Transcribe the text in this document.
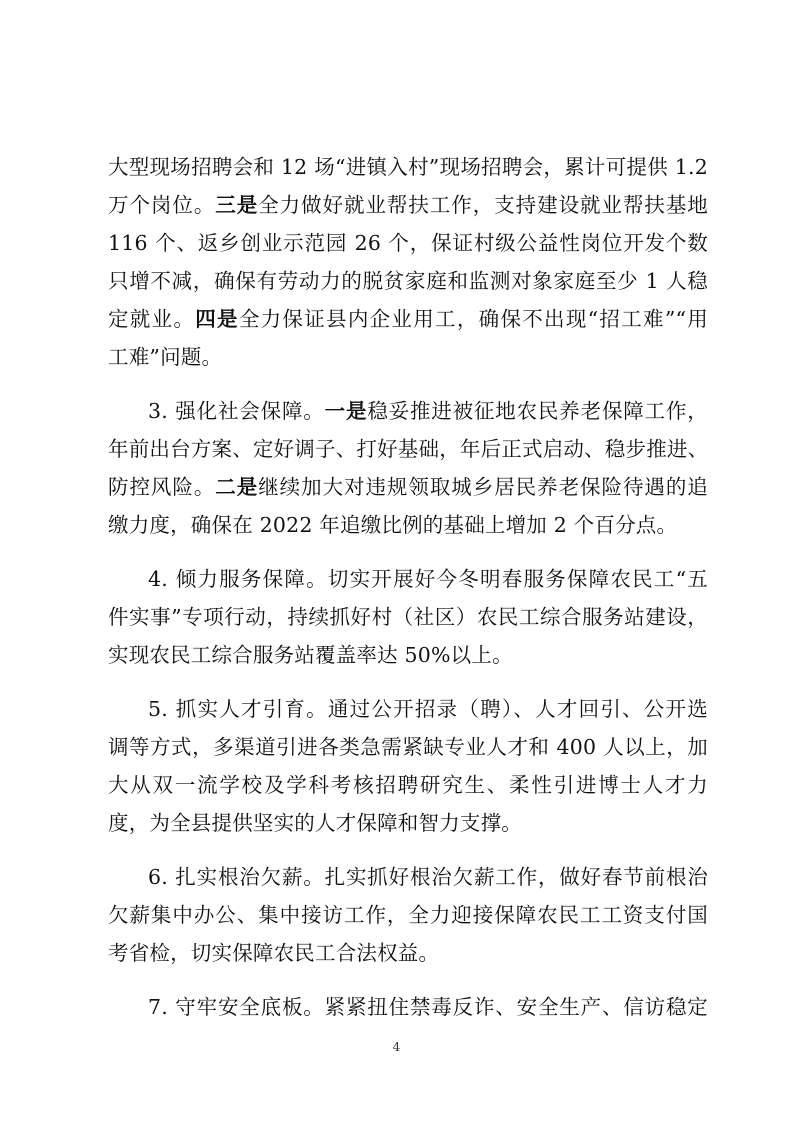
大型现场招聘会和 12 场“进镇入村”现场招聘会，累计可提供 1.2
万个岗位。三是全力做好就业帮扶工作，支持建设就业帮扶基地
116 个、返乡创业示范园 26 个，保证村级公益性岗位开发个数
只增不减，确保有劳动力的脱贫家庭和监测对象家庭至少 1 人稳
定就业。四是全力保证县内企业用工，确保不出现“招工难”“用
工难”问题。
3. 强化社会保障。一是稳妥推进被征地农民养老保障工作，
年前出台方案、定好调子、打好基础，年后正式启动、稳步推进、
防控风险。二是继续加大对违规领取城乡居民养老保险待遇的追
缴力度，确保在 2022 年追缴比例的基础上增加 2 个百分点。
4. 倾力服务保障。切实开展好今冬明春服务保障农民工“五
件实事”专项行动，持续抓好村（社区）农民工综合服务站建设，
实现农民工综合服务站覆盖率达 50%以上。
5. 抓实人才引育。通过公开招录（聘）、人才回引、公开选
调等方式，多渠道引进各类急需紧缺专业人才和 400 人以上，加
大从双一流学校及学科考核招聘研究生、柔性引进博士人才力
度，为全县提供坚实的人才保障和智力支撑。
6. 扎实根治欠薪。扎实抓好根治欠薪工作，做好春节前根治
欠薪集中办公、集中接访工作，全力迎接保障农民工工资支付国
考省检，切实保障农民工合法权益。
7. 守牢安全底板。紧紧扭住禁毒反诈、安全生产、信访稳定
4
